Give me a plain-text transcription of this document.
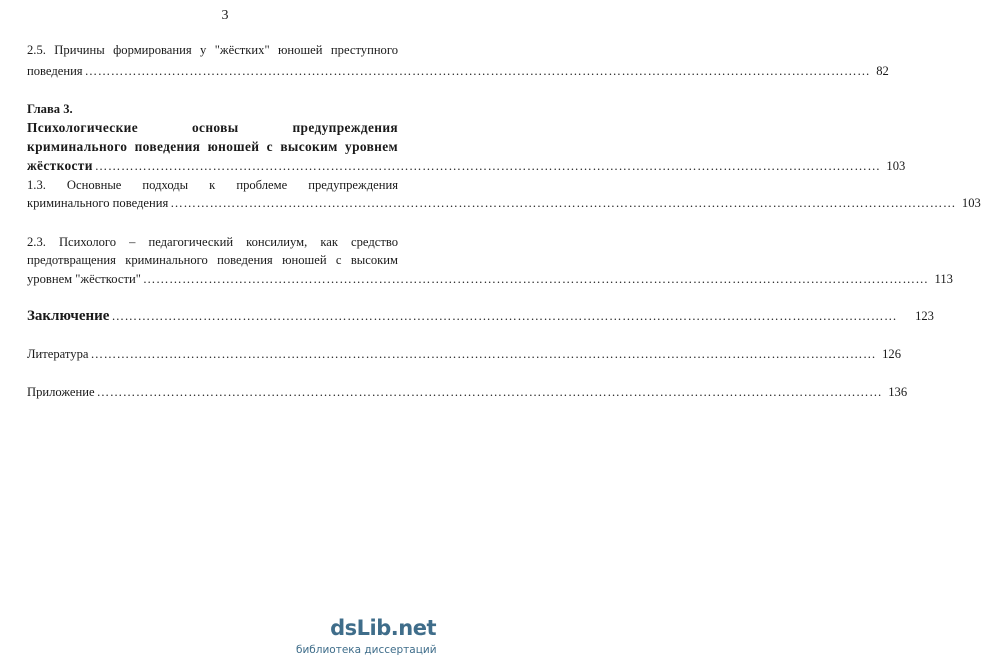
3
2.5. Причины формирования у "жёстких" юношей преступного
поведения ……………………………………………………………………………………………………………………………………………………………… 82
Глава 3.
Психологические основы предупреждения
криминального поведения юношей с высоким уровнем
жёсткости ……………………………………………………………………………………………………………………………………………………………… 103
1.3. Основные подходы к проблеме предупреждения
криминального поведения ……………………………………………………………………………………………………………………………………………………………… 103
2.3. Психолого – педагогический консилиум, как средство
предотвращения криминального поведения юношей с высоким
уровнем "жёсткости" ……………………………………………………………………………………………………………………………………………………………… 113
Заключение ………………………………………………………………………………………………………………………………………………………………	123
Литература ……………………………………………………………………………………………………………………………………………………………… 126
Приложение ……………………………………………………………………………………………………………………………………………………………… 136
dsLib.net
библиотека диссертаций
